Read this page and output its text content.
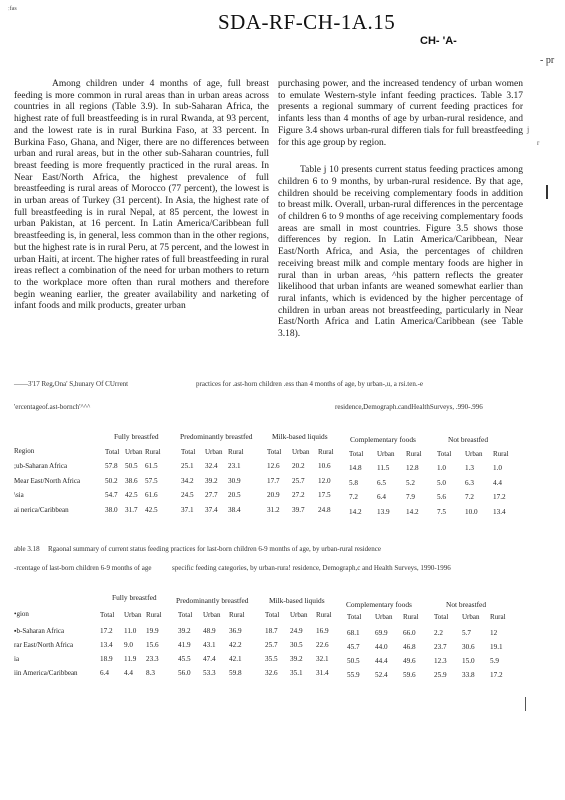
ːfas
SDA-RF-CH-1A.15
CH- 'A-
- pr

Among children under 4 months of age, full breast feeding is more common in rural areas than in urban areas across countries in all regions (Table 3.9). In sub-Saharan Africa, the highest rate of full breastfeeding is in rural Rwanda, at 93 percent, and the lowest rate is in rural Burkina Faso, at 33 percent. In Burkina Faso, Ghana, and Niger, there are no differences between urban and rural areas, but in the other sub-Saharan countries, full breast feeding is more frequently practiced in the rural areas. In Near East/North Africa, the highest prevalence of full breastfeeding is rural areas of Morocco (77 percent), the lowest is in urban areas of Turkey (31 percent). In Asia, the highest rate of full breastfeeding is in rural Nepal, at 85 percent, the lowest in urban Pakistan, at 16 percent. In Latin America/Caribbean full breastfeeding is, in general, less common than in the other regions, but the highest rate is in rural Peru, at 75 percent, and the lowest in urban Haiti, at ircent. The higher rates of full breastfeeding in rural ireas reflect a combination of the need for urban mothers to return to the workplace more often than rural mothers and therefore begin weaning earlier, the greater availability and narketing of infant foods and milk products, greater urban

purchasing power, and the increased tendency of urban women to emulate Western-style infant feeding practices. Table 3.17 presents a regional summary of current feeding practices for infants less than 4 months of age by urban-rural residence, and Figure 3.4 shows urban-rural differen tials for full breastfeeding for this age group by region.

Table j 10 presents current status feeding practices among children 6 to 9 months, by urban-rural residence. By that age, children should be receiving complementary foods in addition to breast milk. Overall, urban-rural differences in the percentage of children 6 to 9 months of age receiving complementary foods areas are small in most countries. Figure 3.5 shows those differences by region. In Latin America/Caribbean, Near East/North Africa, and Asia, the percentages of children receiving breast milk and comple mentary foods are higher in rural than in urban areas, ^his pattern reflects the greater likelihood that urban infants are weaned somewhat earlier than rural infants, which is evidenced by the higher percentage of children in urban areas not breastfeeding, particularly in Near East/North Africa and Latin America/Caribbean (see Table 3.18).

j
r
——3'17 Reg,Ona' S,hunary Of CUrrent	practices for .ast-horn children .ess than 4 months of age, by urban-,u, a rsi.ten.-e
'ercentageof.ast-bornch'^^^	residence,Demograph.candHealthSurveys, .990-.996
Fully breastfed	Predominantly breastfed	Milk-based liquids	Complementary foods	Not breastfed
Region	Total Urban Rural	Total Urban Rural	Total Urban Rural Total Urban Rural Total Urban Rural
;ub-Saharan Africa	57.8 50.5 61.5	25.1 32.4 23.1	12.6 20.2 10.6	14.8 11.5 12.8	1.0	1.3	1.0
Mear East/North Africa	50.2 38.6 57.5	34.2 39.2 30.9	17.7 25.7 12.0	5.8	6.5	5.2	5.0	6.3	4.4
\sia	54.7 42.5 61.6	24.5 27.7 20.5	20.9 27.2 17.5	7.2	6.4	7.9	5.6	7.2	17.2
ai nerica/Caribbean	38.0 31.7 42.5	37.1 37.4 38.4	31.2 39.7 24.8	14.2 13.9 14.2	7.5	10.0 13.4
able 3.18 Rgaonal summary of current status feeding practices for last-born children 6-9 months of age, by urban-rural residence
-rcentage of last-born children 6-9 months of age	specific feeding categories, by urban-rura! residence, Demograph,c and Health Surveys, 1990-1996
Fully breastfed	Predominantly breastfed	Milk-based liquids	Complementary foods	Not breastfed
•gion	Total Urban Rural Total Urban Rural	Total Urban Rural Total Urban Rural Total Urban Rural
▪b-Saharan Africa	17.2 11.0 19.9	39.2 48.9 36.9	18.7 24.9 16.9	68.1 69.9 66.0	2.2	5.7	12
rar East/North Africa	13.4 9.0 15.6	41.9 43.1 42.2	25.7 30.5 22.6	45.7 44.0 46.8	23.7 30.6 19.1
ia	18.9 11.9 23.3	45.5 47.4 42.1	35.5 39.2 32.1	50.5 44.4 49.6	12.3 15.0 5.9
iin America/Caribbean	6.4 4.4 8.3	56.0 53.3 59.8	32.6 35.1 31.4	55.9 52.4 59.6	25.9 33.8 17.2
